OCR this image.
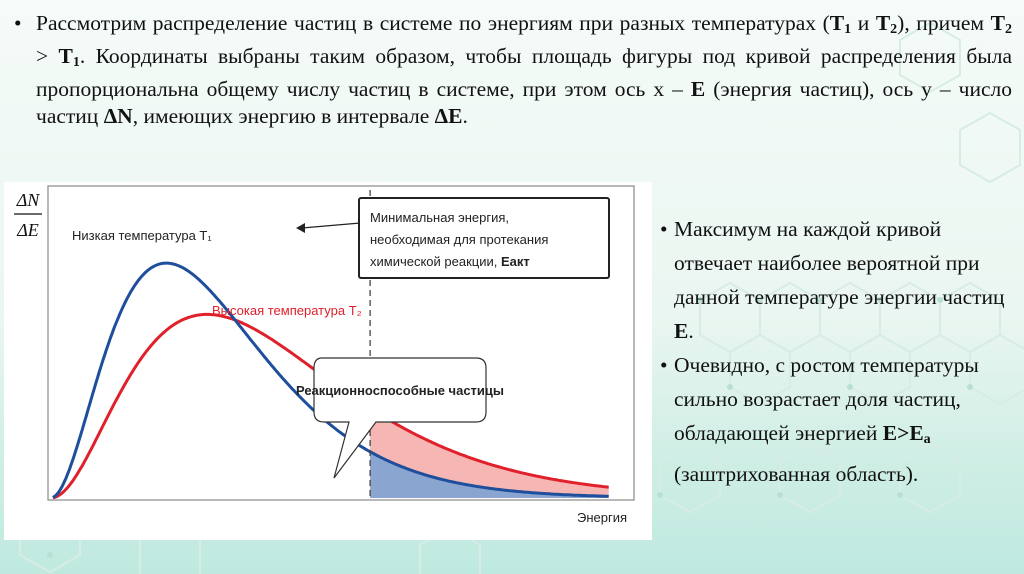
• Рассмотрим распределение частиц в системе по энергиям при разных температурах ($T_1$ и $T_2$), причем $T_2 > T_1$. Координаты выбраны таким образом, чтобы площадь фигуры под кривой распределения была пропорциональна общему числу частиц в системе, при этом ось х – E (энергия частиц), ось у – число частиц ΔN, имеющих энергию в интервале ΔE.

ΔN
ΔE	Низкая температура T₁
Высокая температура T₂
Минимальная энергия, необходимая для протекания химической реакции, Еакт
Реакционноспособные частицы
Энергия

• Максимум на каждой кривой отвечает наиболее вероятной при данной температуре энергии частиц E.

• Очевидно, с ростом температуры сильно возрастает доля частиц, обладающей энергией $E>E_a$ (заштрихованная область).
